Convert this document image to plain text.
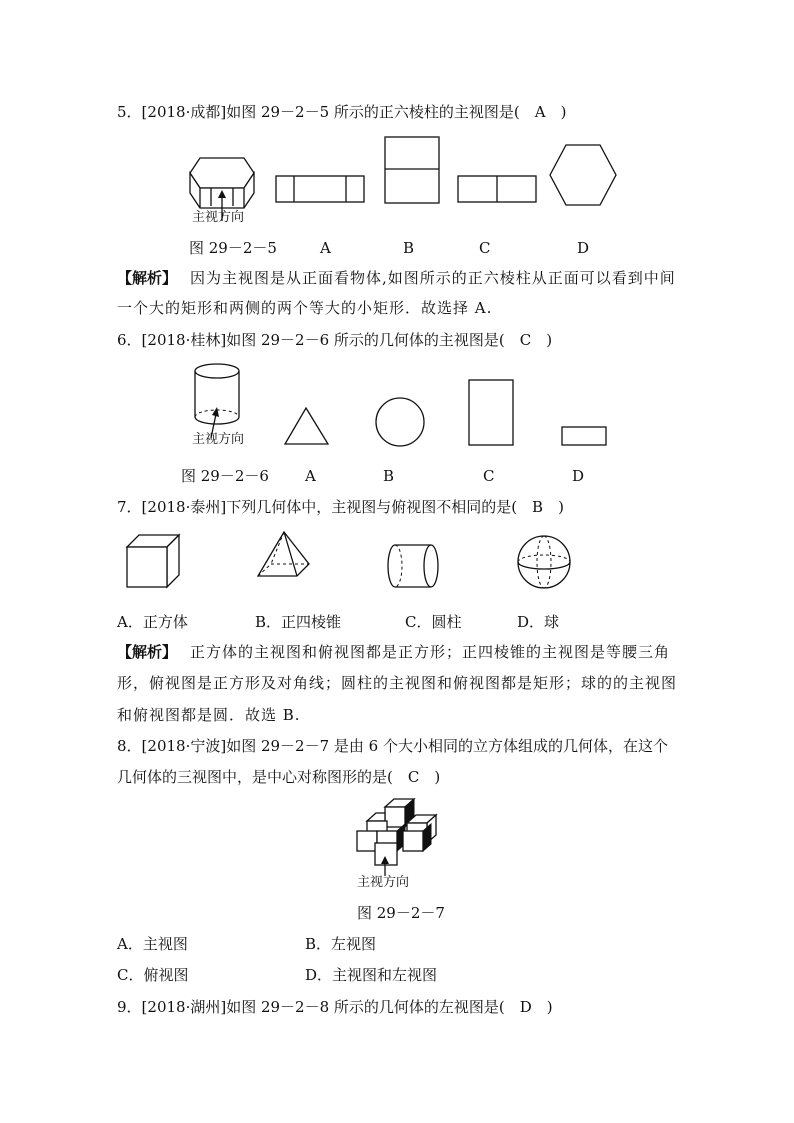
5．[2018·成都]如图 29－2－5 所示的正六棱柱的主视图是(　A　)
主视方向
图 29－2－5	A	B	C	D
【解析】 因为主视图是从正面看物体,如图所示的正六棱柱从正面可以看到中间
一个大的矩形和两侧的两个等大的小矩形．故选择 A.
6．[2018·桂林]如图 29－2－6 所示的几何体的主视图是(　C　)
主视方向
图 29－2－6 A	B	C	D
7．[2018·泰州]下列几何体中，主视图与俯视图不相同的是(　B　)
A．正方体	B．正四棱锥	C．圆柱	D．球
【解析】 正方体的主视图和俯视图都是正方形；正四棱锥的主视图是等腰三角
形，俯视图是正方形及对角线；圆柱的主视图和俯视图都是矩形；球的的主视图
和俯视图都是圆．故选 B.
8．[2018·宁波]如图 29－2－7 是由 6 个大小相同的立方体组成的几何体，在这个
几何体的三视图中，是中心对称图形的是(　C　)
主视方向
图 29－2－7
A．主视图	B．左视图
C．俯视图	D．主视图和左视图
9．[2018·湖州]如图 29－2－8 所示的几何体的左视图是(　D　)
